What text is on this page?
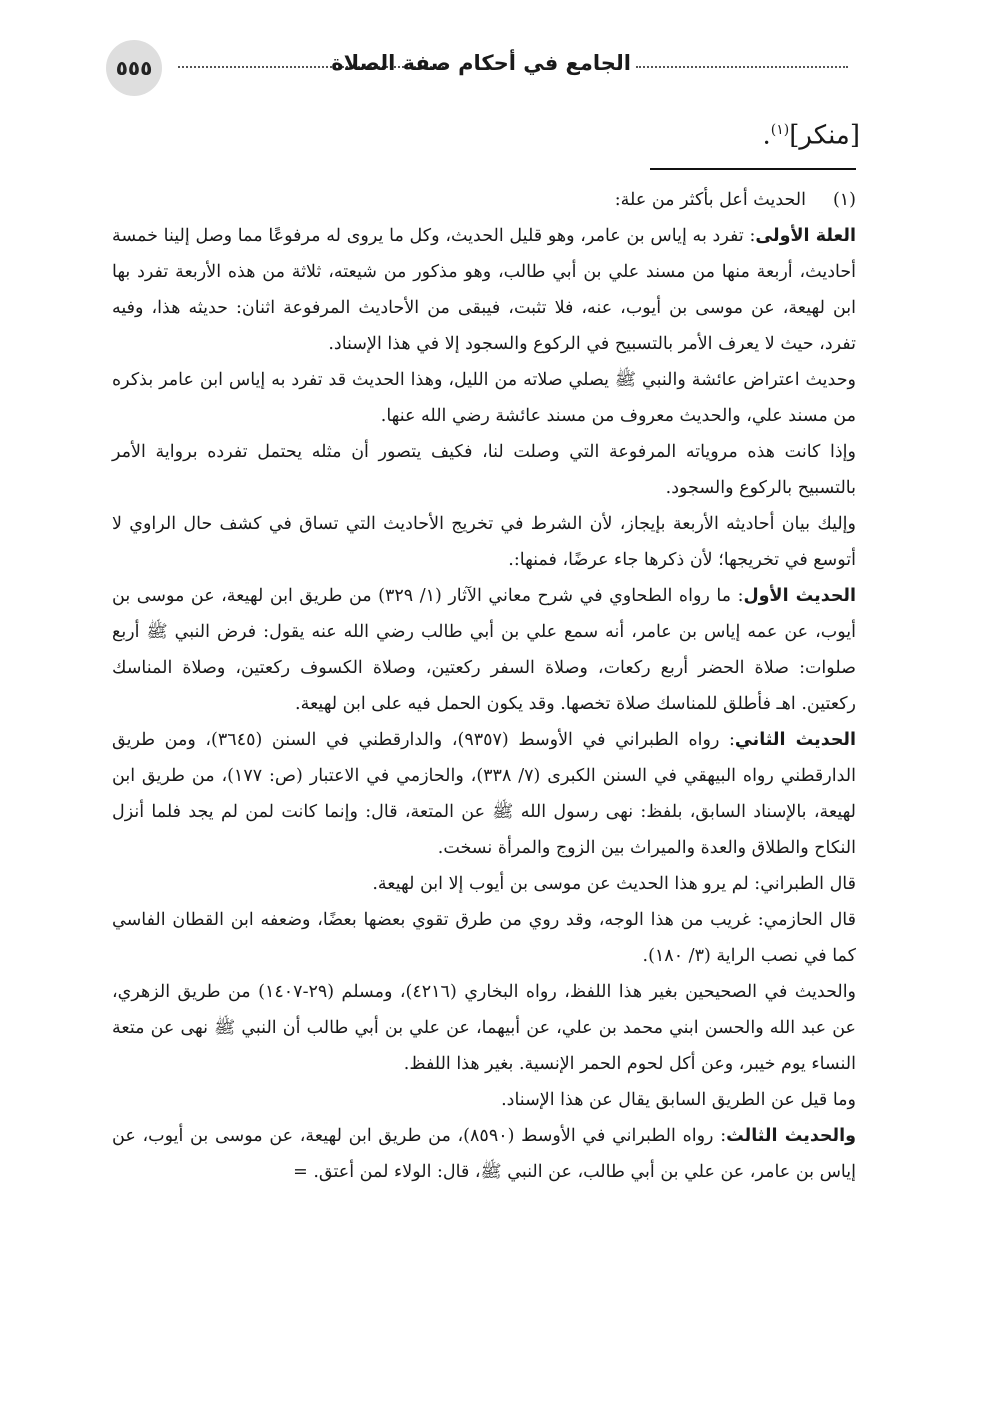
٥٥٥	الجامع في أحكام صفة الصلاة
[منكر]$^{(١)}$.
(١)
الحديث أعل بأكثر من علة:

العلة الأولى: تفرد به إياس بن عامر، وهو قليل الحديث، وكل ما يروى له مرفوعًا مما وصل إلينا خمسة أحاديث، أربعة منها من مسند علي بن أبي طالب، وهو مذكور من شيعته، ثلاثة من هذه الأربعة تفرد بها ابن لهيعة، عن موسى بن أيوب، عنه، فلا تثبت، فيبقى من الأحاديث المرفوعة اثنان: حديثه هذا، وفيه تفرد، حيث لا يعرف الأمر بالتسبيح في الركوع والسجود إلا في هذا الإسناد.

وحديث اعتراض عائشة والنبي ﷺ يصلي صلاته من الليل، وهذا الحديث قد تفرد به إياس ابن عامر بذكره من مسند علي، والحديث معروف من مسند عائشة رضي الله عنها.

وإذا كانت هذه مروياته المرفوعة التي وصلت لنا، فكيف يتصور أن مثله يحتمل تفرده برواية الأمر بالتسبيح بالركوع والسجود.

وإليك بيان أحاديثه الأربعة بإيجاز، لأن الشرط في تخريج الأحاديث التي تساق في كشف حال الراوي لا أتوسع في تخريجها؛ لأن ذكرها جاء عرضًا، فمنها:.

الحديث الأول: ما رواه الطحاوي في شرح معاني الآثار (١/ ٣٢٩) من طريق ابن لهيعة، عن موسى بن أيوب، عن عمه إياس بن عامر، أنه سمع علي بن أبي طالب رضي الله عنه يقول: فرض النبي ﷺ أربع صلوات: صلاة الحضر أربع ركعات، وصلاة السفر ركعتين، وصلاة الكسوف ركعتين، وصلاة المناسك ركعتين. اهـ فأطلق للمناسك صلاة تخصها. وقد يكون الحمل فيه على ابن لهيعة.

الحديث الثاني: رواه الطبراني في الأوسط (٩٣٥٧)، والدارقطني في السنن (٣٦٤٥)، ومن طريق الدارقطني رواه البيهقي في السنن الكبرى (٧/ ٣٣٨)، والحازمي في الاعتبار (ص: ١٧٧)، من طريق ابن لهيعة، بالإسناد السابق، بلفظ: نهى رسول الله ﷺ عن المتعة، قال: وإنما كانت لمن لم يجد فلما أنزل النكاح والطلاق والعدة والميراث بين الزوج والمرأة نسخت.

قال الطبراني: لم يرو هذا الحديث عن موسى بن أيوب إلا ابن لهيعة.

قال الحازمي: غريب من هذا الوجه، وقد روي من طرق تقوي بعضها بعضًا، وضعفه ابن القطان الفاسي كما في نصب الراية (٣/ ١٨٠).

والحديث في الصحيحين بغير هذا اللفظ، رواه البخاري (٤٢١٦)، ومسلم (٢٩-١٤٠٧) من طريق الزهري، عن عبد الله والحسن ابني محمد بن علي، عن أبيهما، عن علي بن أبي طالب أن النبي ﷺ نهى عن متعة النساء يوم خيبر، وعن أكل لحوم الحمر الإنسية. بغير هذا اللفظ.

وما قيل عن الطريق السابق يقال عن هذا الإسناد.

والحديث الثالث: رواه الطبراني في الأوسط (٨٥٩٠)، من طريق ابن لهيعة، عن موسى بن أيوب، عن إياس بن عامر، عن علي بن أبي طالب، عن النبي ﷺ، قال: الولاء لمن أعتق. =
